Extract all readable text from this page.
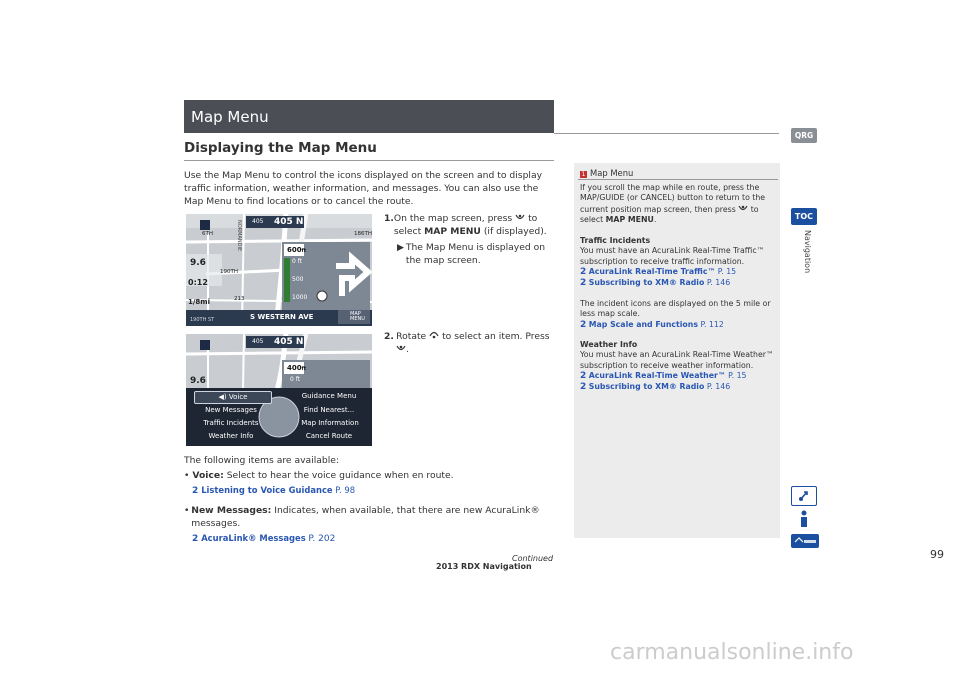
Map Menu
Displaying the Map Menu
Use the Map Menu to control the icons displayed on the screen and to display traffic information, weather information, and messages. You can also use the Map Menu to find locations or to cancel the route.
405 N
405
6TH	186TH
190TH
NORMANDIE
213
9.6
0:12
1/8mi
600ft
0 ft
500
1000
S WESTERN AVE
190TH ST
MAP MENU
405 N
405
9.6
400ft
0 ft
◀) Voice	Guidance Menu
New Messages	Find Nearest...
Traffic Incidents	Map Information
Weather Info	Cancel Route
1. On the map screen, press to select MAP MENU (if displayed).
▶ The Map Menu is displayed on the map screen.
2. Rotate to select an item. Press .
The following items are available:
• Voice: Select to hear the voice guidance when en route.
2 Listening to Voice Guidance P. 98
• New Messages: Indicates, when available, that there are new AcuraLink® messages.
2 AcuraLink® Messages P. 202
1 Map Menu
If you scroll the map while en route, press the MAP/GUIDE (or CANCEL) button to return to the current position map screen, then press to select MAP MENU.
Traffic Incidents
You must have an AcuraLink Real-Time Traffic™ subscription to receive traffic information.
2 AcuraLink Real-Time Traffic™ P. 15
2 Subscribing to XM® Radio P. 146
The incident icons are displayed on the 5 mile or less map scale.
2 Map Scale and Functions P. 112
Weather Info
You must have an AcuraLink Real-Time Weather™ subscription to receive weather information.
2 AcuraLink Real-Time Weather™ P. 15
2 Subscribing to XM® Radio P. 146
QRG
TOC
Navigation
99
Continued
2013 RDX Navigation
carmanualsonline.info
